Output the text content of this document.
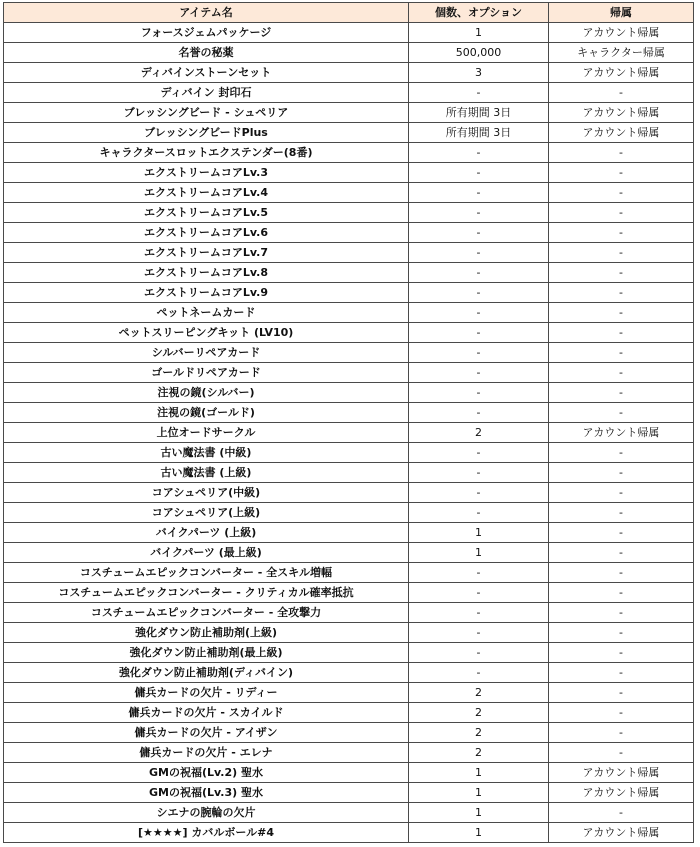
アイテム名	個数、オプション	帰属
フォースジェムパッケージ	1	アカウント帰属
名誉の秘薬	500,000	キャラクター帰属
ディバインストーンセット	3	アカウント帰属
ディバイン 封印石	-	-
ブレッシングビード - シュペリア	所有期間 3日	アカウント帰属
ブレッシングビードPlus	所有期間 3日	アカウント帰属
キャラクタースロットエクステンダー(8番)	-	-
エクストリームコアLv.3	-	-
エクストリームコアLv.4	-	-
エクストリームコアLv.5	-	-
エクストリームコアLv.6	-	-
エクストリームコアLv.7	-	-
エクストリームコアLv.8	-	-
エクストリームコアLv.9	-	-
ペットネームカード	-	-
ペットスリーピングキット (LV10)	-	-
シルバーリペアカード	-	-
ゴールドリペアカード	-	-
注視の鏡(シルバー)	-	-
注視の鏡(ゴールド)	-	-
上位オードサークル	2	アカウント帰属
古い魔法書 (中級)	-	-
古い魔法書 (上級)	-	-
コアシュペリア(中級)	-	-
コアシュペリア(上級)	-	-
バイクパーツ (上級)	1	-
バイクパーツ (最上級)	1	-
コスチュームエピックコンバーター - 全スキル増幅	-	-
コスチュームエピックコンバーター - クリティカル確率抵抗	-	-
コスチュームエピックコンバーター - 全攻撃力	-	-
強化ダウン防止補助剤(上級)	-	-
強化ダウン防止補助剤(最上級)	-	-
強化ダウン防止補助剤(ディバイン)	-	-
傭兵カードの欠片 - リディー	2	-
傭兵カードの欠片 - スカイルド	2	-
傭兵カードの欠片 - アイザン	2	-
傭兵カードの欠片 - エレナ	2	-
GMの祝福(Lv.2) 聖水	1	アカウント帰属
GMの祝福(Lv.3) 聖水	1	アカウント帰属
シエナの腕輪の欠片	1	-
[★★★★] カバルボール#4	1	アカウント帰属
